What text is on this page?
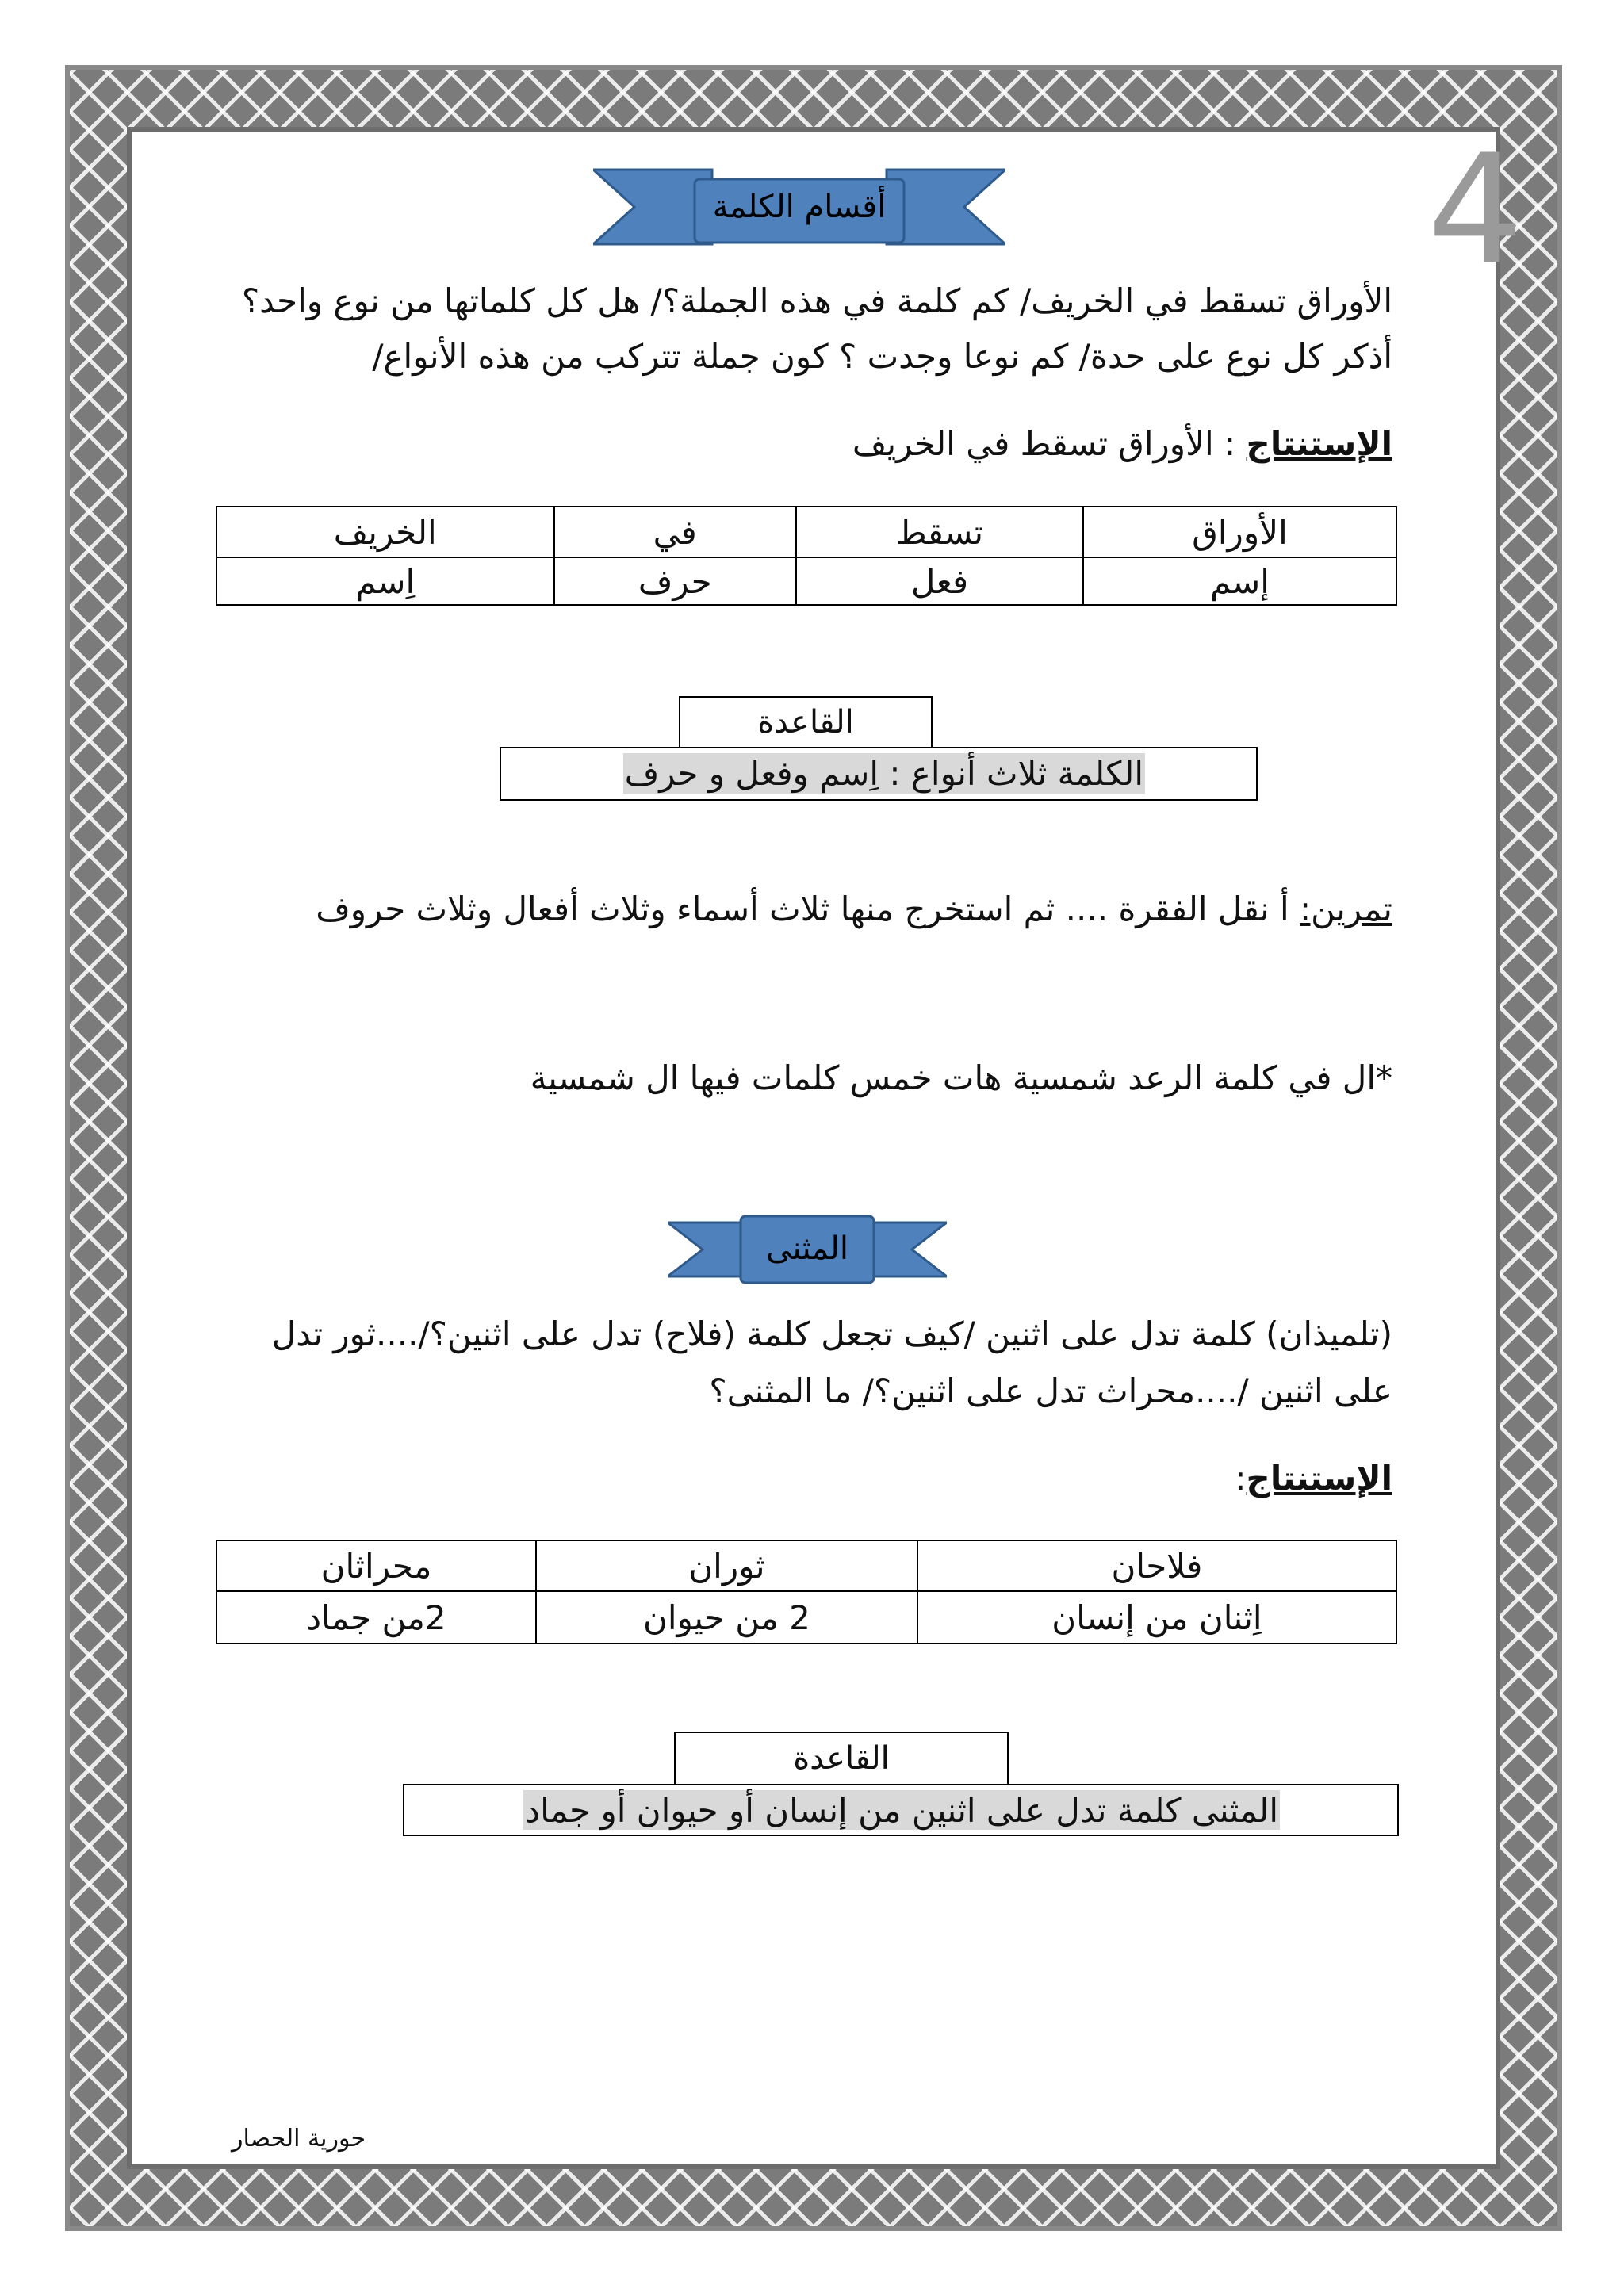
4
أقسام الكلمة
الأوراق تسقط في الخريف/ كم كلمة في هذه الجملة؟/ هل كل كلماتها من نوع واحد؟
أذكر كل نوع على حدة/ كم نوعا وجدت ؟ كون جملة تتركب من هذه الأنواع/
الإستنتاج : الأوراق تسقط في الخريف
الأوراق	تسقط	في	الخريف
إسم	فعل	حرف	اِسم
القاعدة
الكلمة ثلاث أنواع : اِسم وفعل و حرف
تمرين: أ نقل الفقرة .... ثم استخرج منها ثلاث أسماء وثلاث أفعال وثلاث حروف
*ال في كلمة الرعد شمسية هات خمس كلمات فيها ال شمسية
المثنى
(تلميذان) كلمة تدل على اثنين /كيف تجعل كلمة (فلاح) تدل على اثنين؟/....ثور تدل
على اثنين /....محراث تدل على اثنين؟/ ما المثنى؟
الإستنتاج:
فلاحان	ثوران	محراثان
اِثنان من إنسان	2 من حيوان	2من جماد
القاعدة
المثنى كلمة تدل على اثنين من إنسان أو حيوان أو جماد
حورية الحصار
